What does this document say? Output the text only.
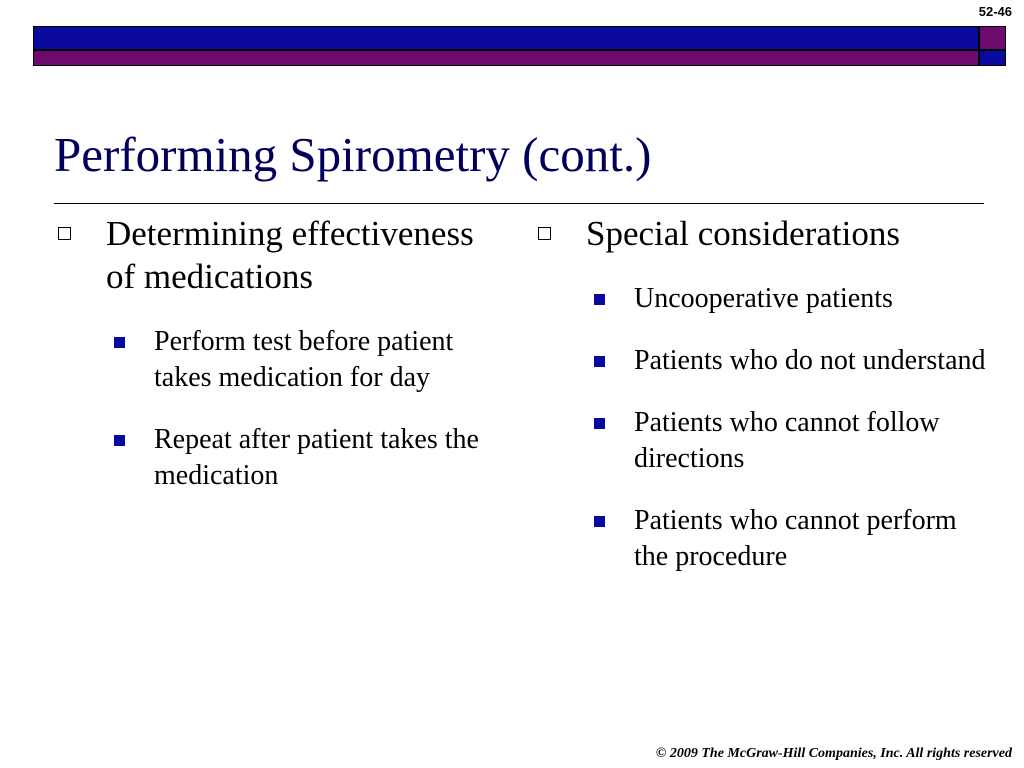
52-46
Performing Spirometry (cont.)
Determining effectiveness of medications
Perform test before patient takes medication for day
Repeat after patient takes the medication
Special considerations
Uncooperative patients
Patients who do not understand
Patients who cannot follow directions
Patients who cannot perform the procedure
© 2009 The McGraw-Hill Companies, Inc. All rights reserved
